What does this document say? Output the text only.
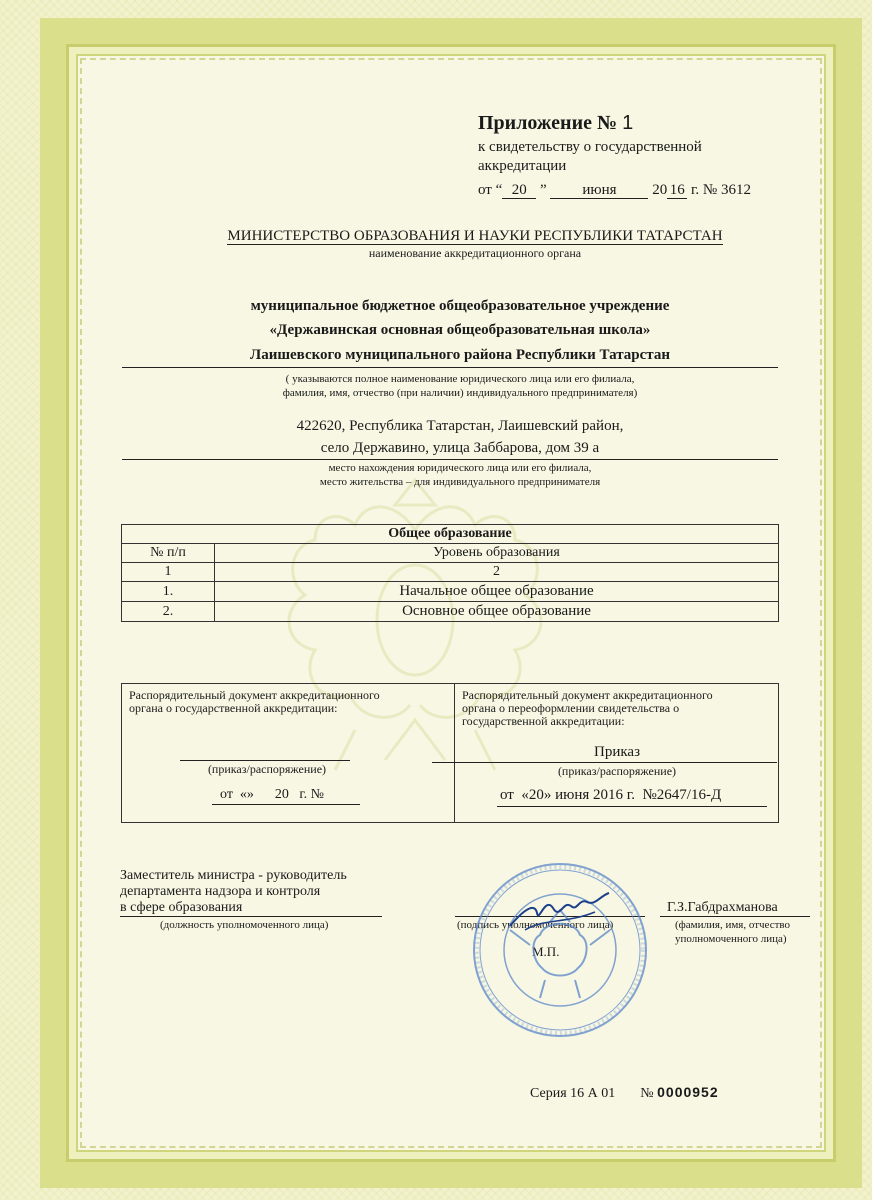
Приложение № 1
к свидетельству о государственной
аккредитации
от “ 20 ” июня 20 16 г. № 3612
МИНИСТЕРСТВО ОБРАЗОВАНИЯ И НАУКИ РЕСПУБЛИКИ ТАТАРСТАН
наименование аккредитационного органа
муниципальное бюджетное общеобразовательное учреждение
«Державинская основная общеобразовательная школа»
Лаишевского муниципального района Республики Татарстан
( указываются полное наименование юридического лица или его филиала,
фамилия, имя, отчество (при наличии) индивидуального предпринимателя)
422620, Республика Татарстан, Лаишевский район,
село Державино, улица Заббарова, дом 39 а
место нахождения юридического лица или его филиала,
место жительства – для индивидуального предпринимателя
Общее образование	
№ п/п	Уровень образования
1	2
1.	Начальное общее образование
2.	Основное общее образование
Распорядительный документ аккредитационного
органа о государственной аккредитации:
(приказ/распоряжение)
от  «»      20   г. №
Распорядительный документ аккредитационного
органа о переоформлении свидетельства о
государственной аккредитации:
Приказ
(приказ/распоряжение)
от  «20» июня 2016 г.  №2647/16-Д
Заместитель министра - руководитель
департамента надзора и контроля
в сфере образования
(должность уполномоченного лица)	(подпись уполномоченного лица)
М.П.
Г.З.Габдрахманова
(фамилия, имя, отчество
уполномоченного лица)
Серия 16 А 01 № 0000952
